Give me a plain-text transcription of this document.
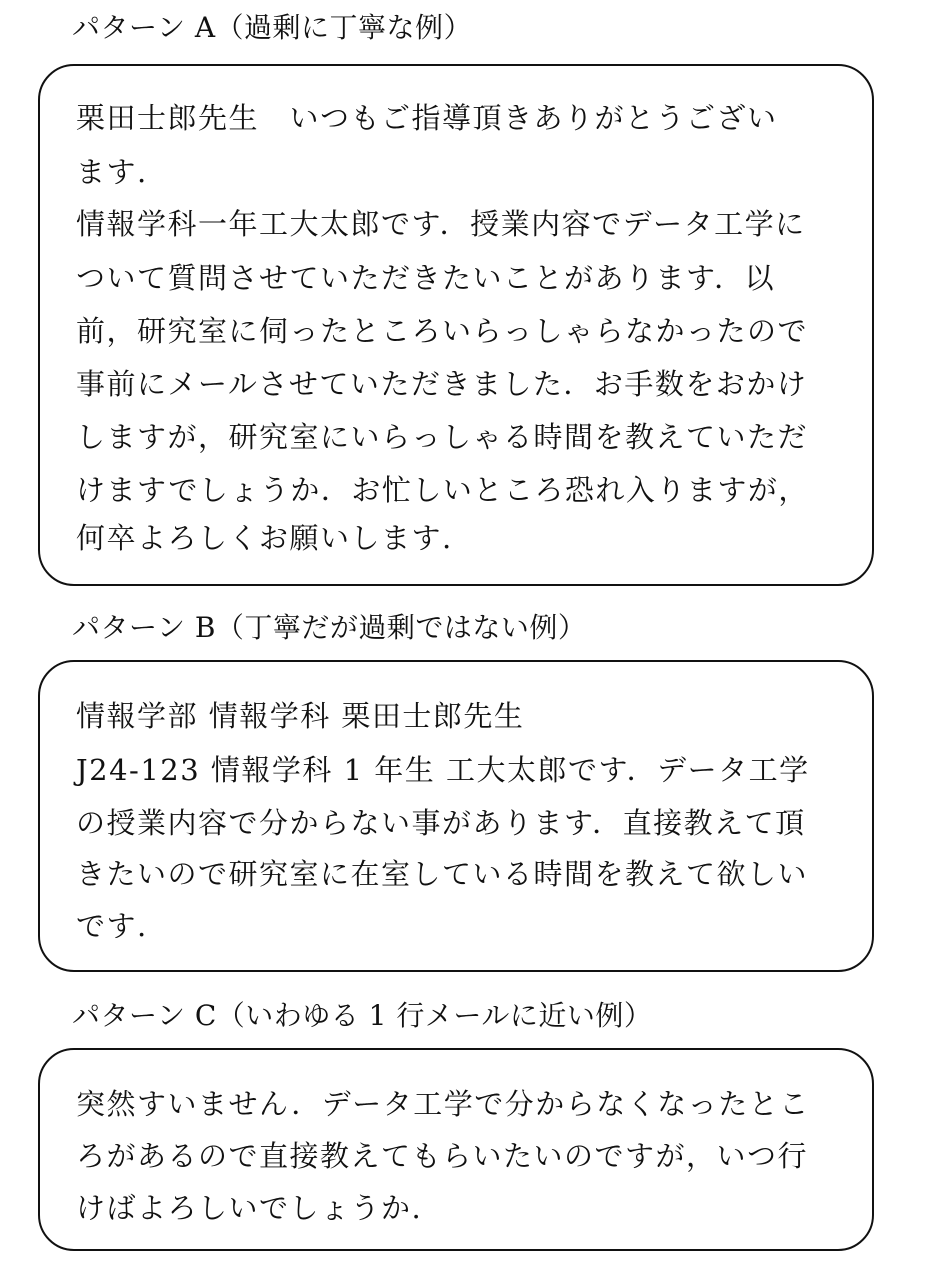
パターン A（過剰に丁寧な例）
栗田士郎先生　いつもご指導頂きありがとうござい
ます.
情報学科一年工大太郎です．授業内容でデータ工学に
ついて質問させていただきたいことがあります．以
前，研究室に伺ったところいらっしゃらなかったので
事前にメールさせていただきました．お手数をおかけ
しますが，研究室にいらっしゃる時間を教えていただ
けますでしょうか．お忙しいところ恐れ入りますが，
何卒よろしくお願いします.
パターン B（丁寧だが過剰ではない例）
情報学部 情報学科 栗田士郎先生
J24-123 情報学科 1 年生 工大太郎です．データ工学
の授業内容で分からない事があります．直接教えて頂
きたいので研究室に在室している時間を教えて欲しい
です.
パターン C（いわゆる 1 行メールに近い例）
突然すいません．データ工学で分からなくなったとこ
ろがあるので直接教えてもらいたいのですが，いつ行
けばよろしいでしょうか.
